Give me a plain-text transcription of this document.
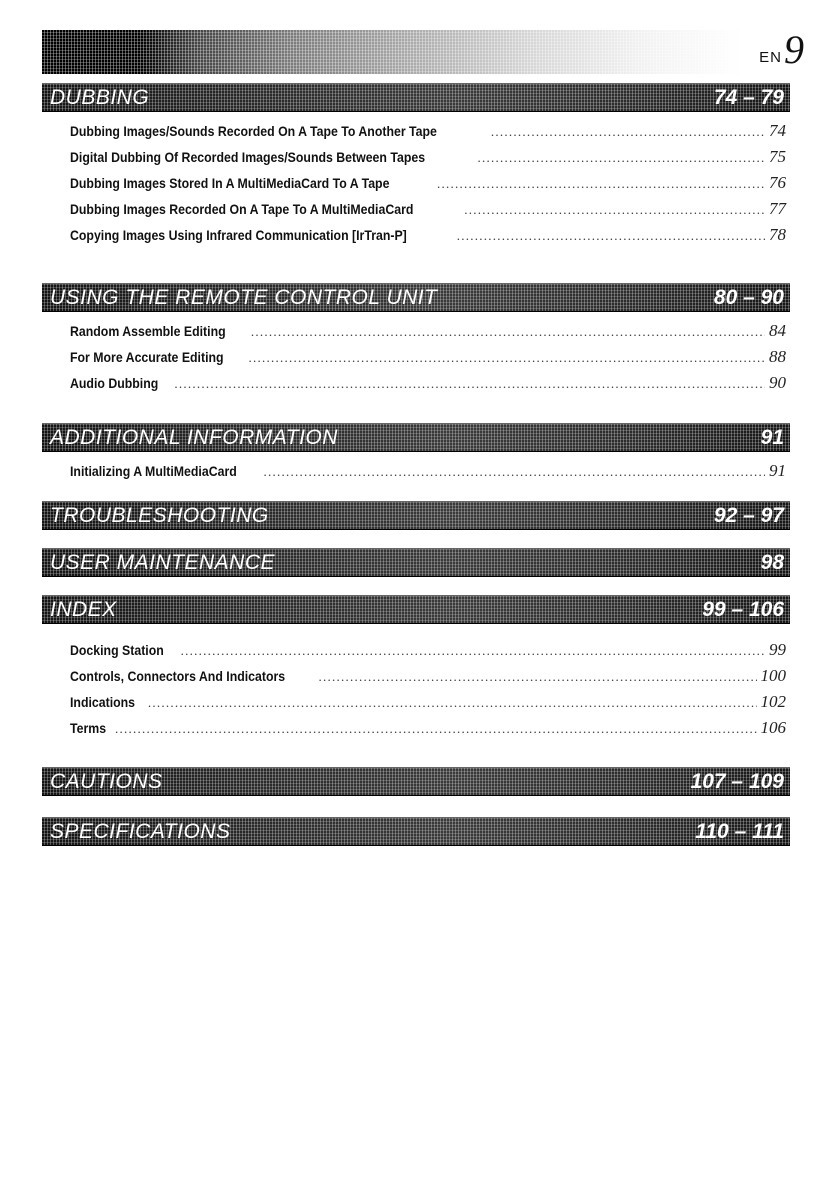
EN 9
DUBBING	74 – 79
Dubbing Images/Sounds Recorded On A Tape To Another Tape . . .	74
Digital Dubbing Of Recorded Images/Sounds Between Tapes . . .	75
Dubbing Images Stored In A MultiMediaCard To A Tape . . .	76
Dubbing Images Recorded On A Tape To A MultiMediaCard . . .	77
Copying Images Using Infrared Communication [IrTran-P] . . .	78
USING THE REMOTE CONTROL UNIT	80 – 90
Random Assemble Editing . . .	84
For More Accurate Editing . . .	88
Audio Dubbing . . .	90
ADDITIONAL INFORMATION	91
Initializing A MultiMediaCard . . .	91
TROUBLESHOOTING	92 – 97
USER MAINTENANCE	98
INDEX	99 – 106
Docking Station . . .	99
Controls, Connectors And Indicators . . .	100
Indications . . .	102
Terms . . .	106
CAUTIONS	107 – 109
SPECIFICATIONS	110 – 111
